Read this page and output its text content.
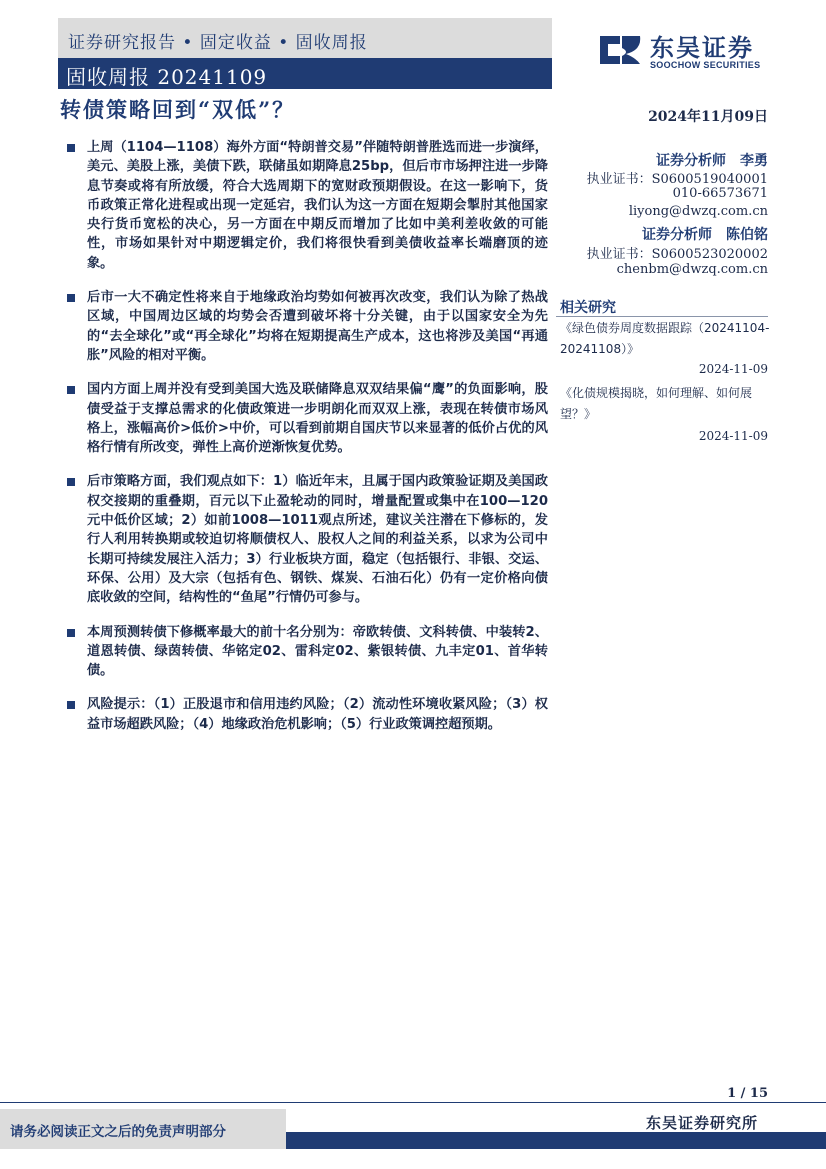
证券研究报告 • 固定收益 • 固收周报
固收周报 20241109
东吴证券
SOOCHOW SECURITIES
转债策略回到“双低”？
上周（1104—1108）海外方面“特朗普交易”伴随特朗普胜选而进一步演绎，美元、美股上涨，美债下跌，联储虽如期降息25bp，但后市市场押注进一步降息节奏或将有所放缓，符合大选周期下的宽财政预期假设。在这一影响下，货币政策正常化进程或出现一定延宕，我们认为这一方面在短期会掣肘其他国家央行货币宽松的决心，另一方面在中期反而增加了比如中美利差收敛的可能性，市场如果针对中期逻辑定价，我们将很快看到美债收益率长端磨顶的迹象。
后市一大不确定性将来自于地缘政治均势如何被再次改变，我们认为除了热战区域，中国周边区域的均势会否遭到破坏将十分关键，由于以国家安全为先的“去全球化”或“再全球化”均将在短期提高生产成本，这也将涉及美国“再通胀”风险的相对平衡。
国内方面上周并没有受到美国大选及联储降息双双结果偏“鹰”的负面影响，股债受益于支撑总需求的化债政策进一步明朗化而双双上涨，表现在转债市场风格上，涨幅高价>低价>中价，可以看到前期自国庆节以来显著的低价占优的风格行情有所改变，弹性上高价逆渐恢复优势。
后市策略方面，我们观点如下：1）临近年末，且属于国内政策验证期及美国政权交接期的重叠期，百元以下止盈轮动的同时，增量配置或集中在100—120元中低价区域；2）如前1008—1011观点所述，建议关注潜在下修标的，发行人利用转换期或较迫切将顺债权人、股权人之间的利益关系，以求为公司中长期可持续发展注入活力；3）行业板块方面，稳定（包括银行、非银、交运、环保、公用）及大宗（包括有色、钢铁、煤炭、石油石化）仍有一定价格向债底收敛的空间，结构性的“鱼尾”行情仍可参与。
本周预测转债下修概率最大的前十名分别为：帝欧转债、文科转债、中装转2、道恩转债、绿茵转债、华铭定02、雷科定02、紫银转债、九丰定01、首华转债。
风险提示：（1）正股退市和信用违约风险；（2）流动性环境收紧风险；（3）权益市场超跌风险；（4）地缘政治危机影响；（5）行业政策调控超预期。
2024年11月09日
证券分析师　李勇
执业证书：S0600519040001
010-66573671
liyong@dwzq.com.cn
证券分析师　陈伯铭
执业证书：S0600523020002
chenbm@dwzq.com.cn
相关研究
《绿色债券周度数据跟踪（20241104-20241108）》
2024-11-09
《化债规模揭晓，如何理解、如何展望？》
2024-11-09
1 / 15
请务必阅读正文之后的免责声明部分	东吴证券研究所
